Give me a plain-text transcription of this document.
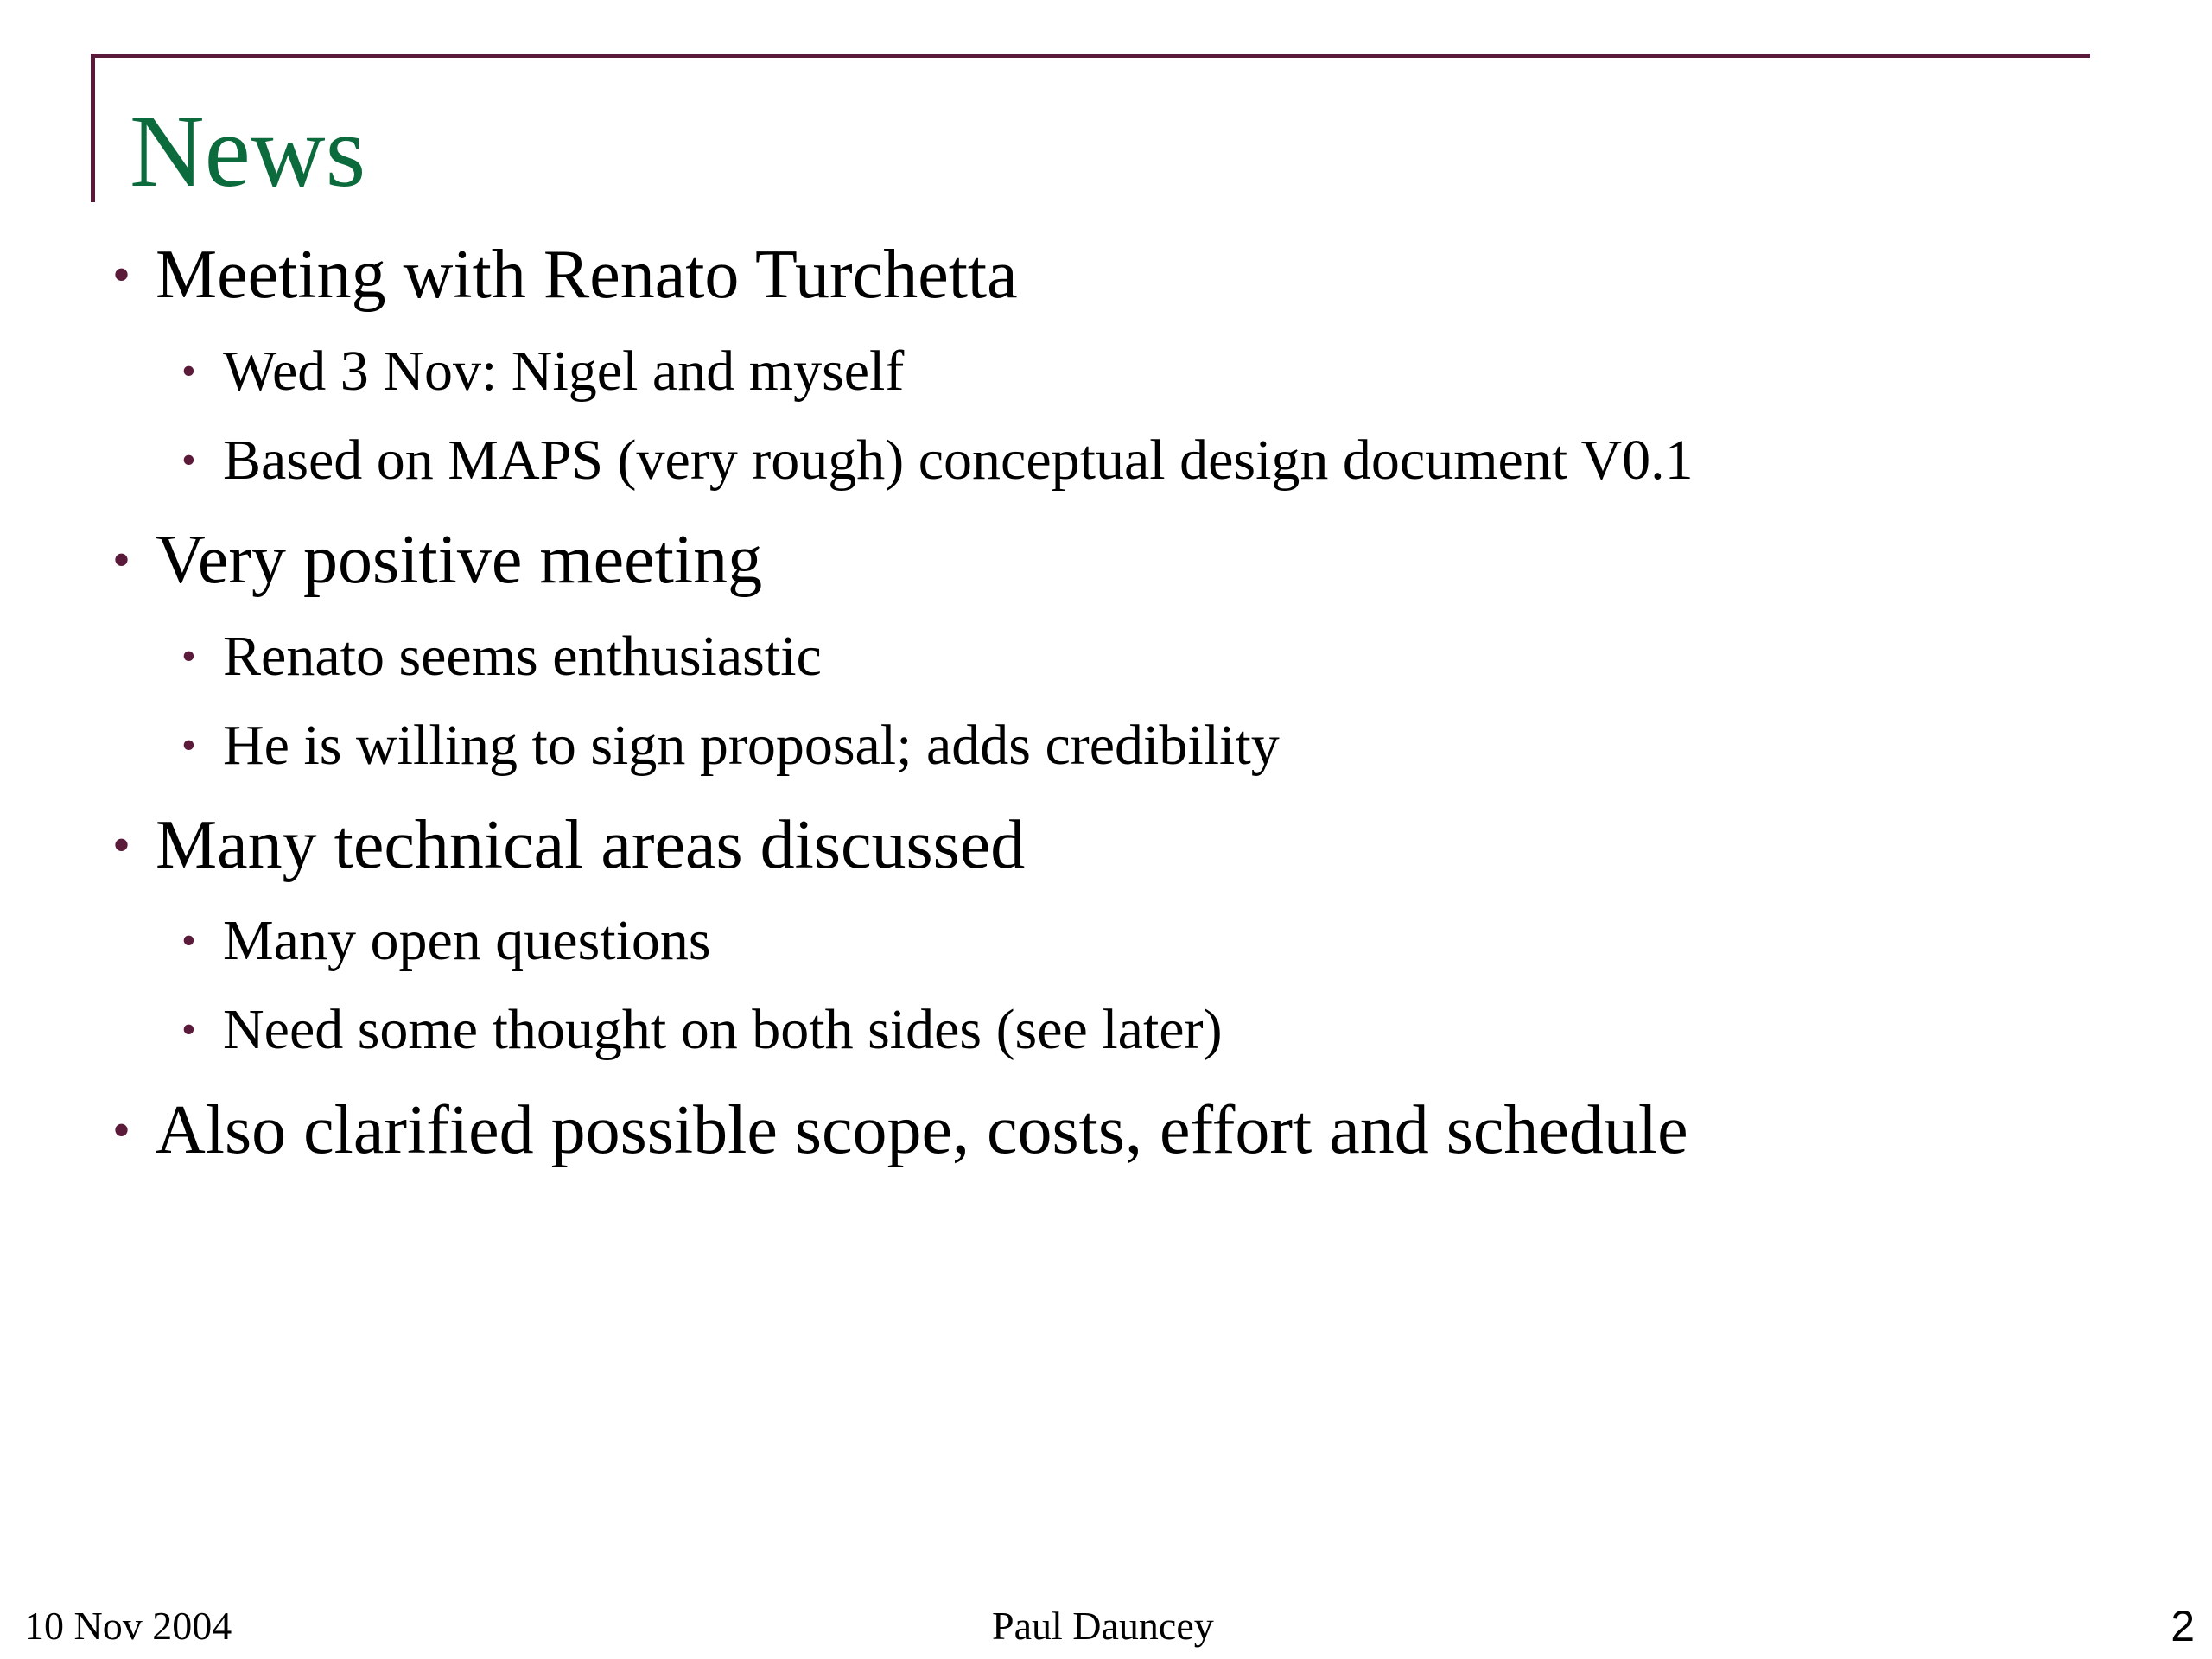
News
• Meeting with Renato Turchetta
• Wed 3 Nov: Nigel and myself
• Based on MAPS (very rough) conceptual design document V0.1
• Very positive meeting
• Renato seems enthusiastic
• He is willing to sign proposal; adds credibility
• Many technical areas discussed
• Many open questions
• Need some thought on both sides (see later)
• Also clarified possible scope, costs, effort and schedule
10 Nov 2004	Paul Dauncey	2
